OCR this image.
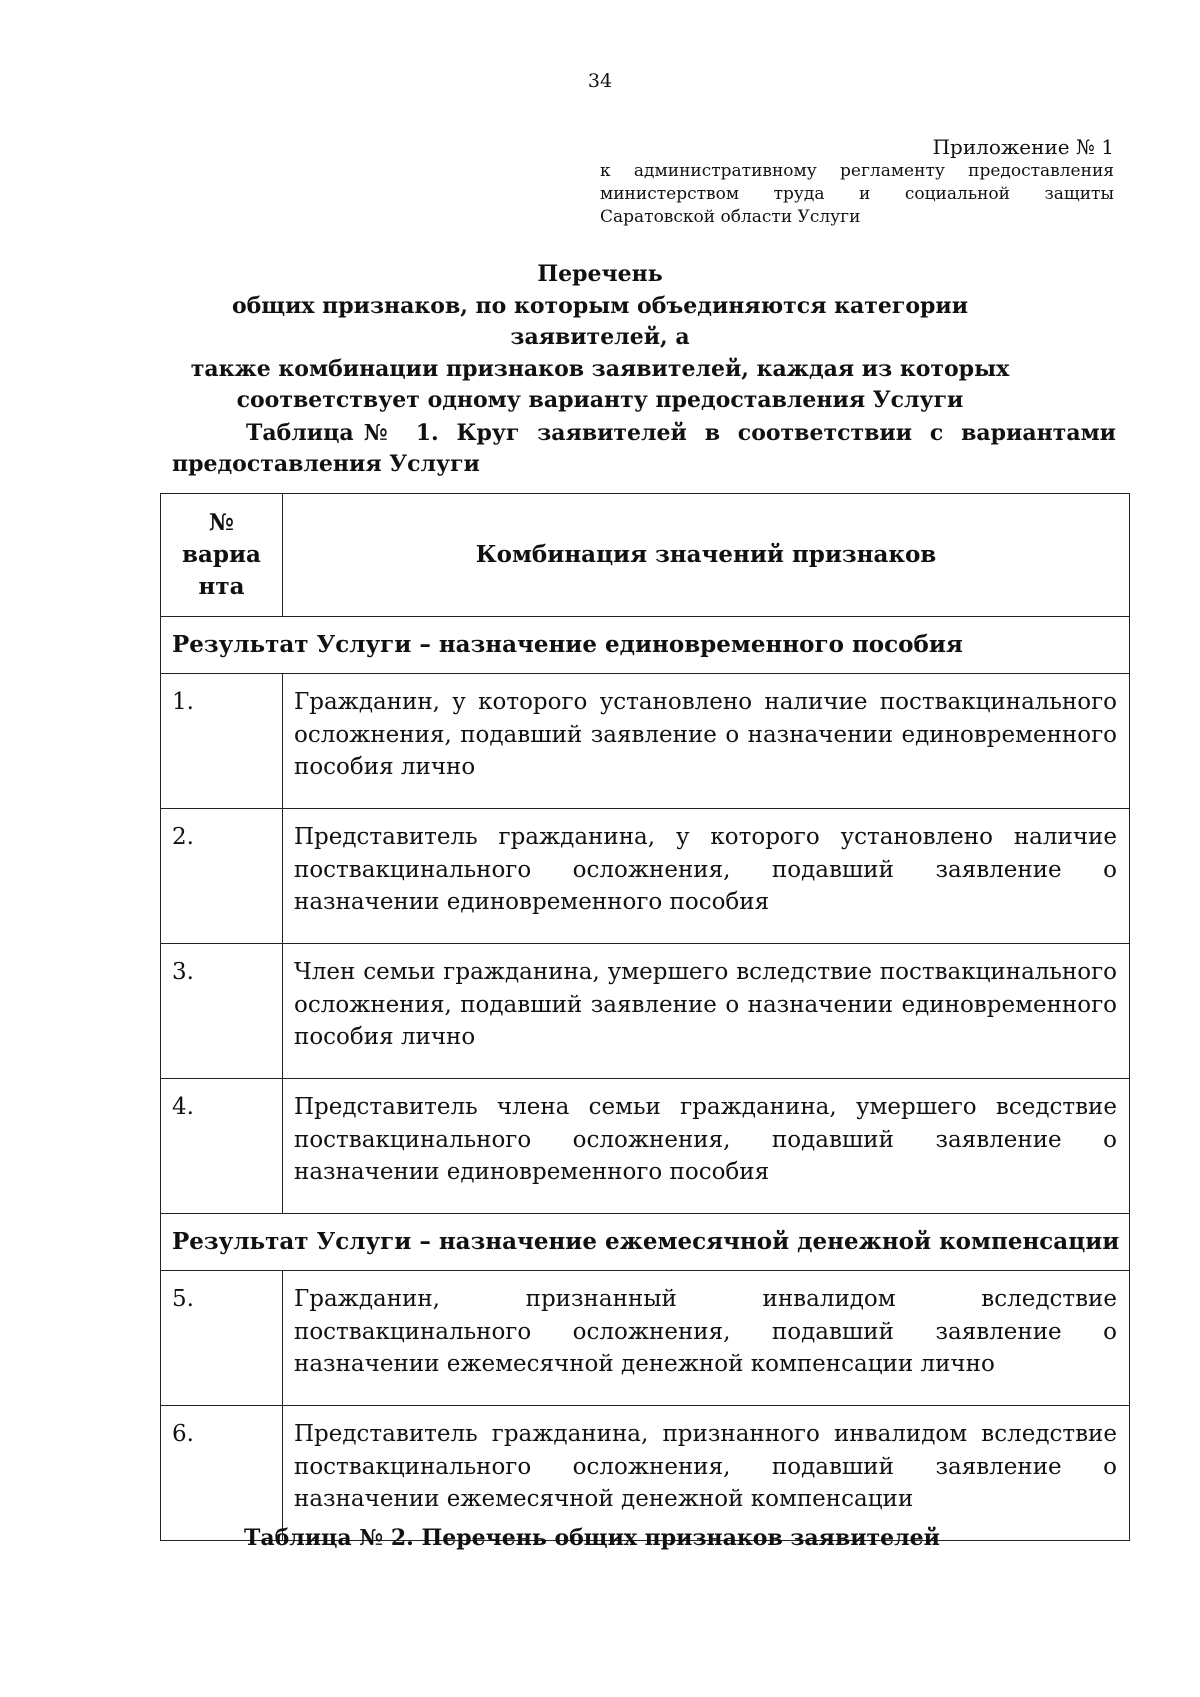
34
Приложение № 1
к административному регламенту предоставления министерством труда и социальной защиты Саратовской области Услуги
Перечень
общих признаков, по которым объединяются категории заявителей, а
также комбинации признаков заявителей, каждая из которых
соответствует одному варианту предоставления Услуги
Таблица№ 1. Круг заявителей в соответствии с вариантами
предоставления Услуги
№
вариа
нта	Комбинация значений признаков
Результат Услуги – назначение единовременного пособия	
1.	Гражданин, у которого установлено наличие поствакцинального осложнения, подавший заявление о назначении единовременного пособия лично
2.	Представитель гражданина, у которого установлено наличие поствакцинального осложнения, подавший заявление о назначении единовременного пособия
3.	Член семьи гражданина, умершего вследствие поствакцинального осложнения, подавший заявление о назначении единовременного пособия лично
4.	Представитель члена семьи гражданина, умершего вседствие поствакцинального осложнения, подавший заявление о назначении единовременного пособия
Результат Услуги – назначение ежемесячной денежной компенсации	
5.	Гражданин, признанный инвалидом вследствие поствакцинального осложнения, подавший заявление о назначении ежемесячной денежной компенсации лично
6.	Представитель гражданина, признанного инвалидом вследствие поствакцинального осложнения, подавший заявление о назначении ежемесячной денежной компенсации
Таблица № 2. Перечень общих признаков заявителей
